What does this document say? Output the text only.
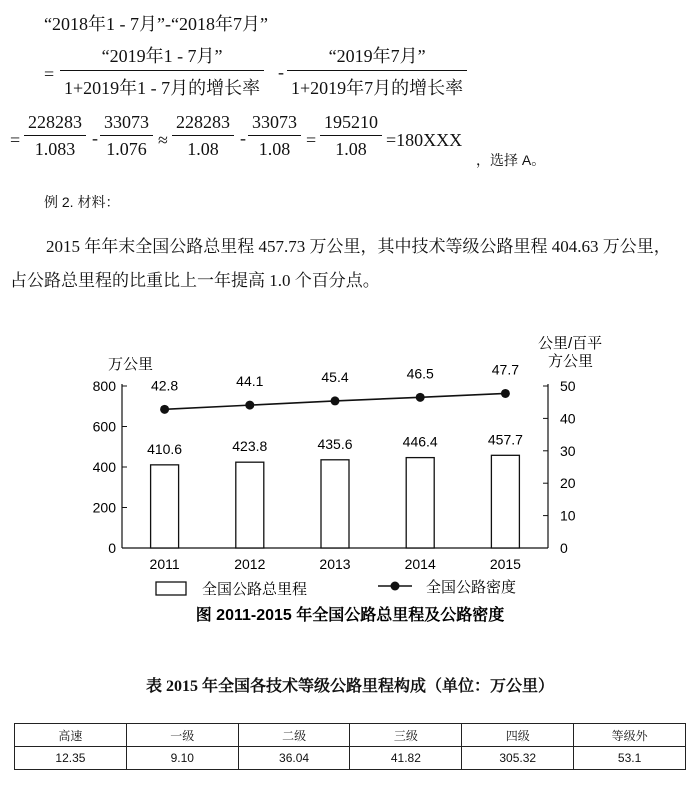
“2018年1 - 7月”-“2018年7月”
=
“2019年1 - 7月”
1+2019年1 - 7月的增长率
-
“2019年7月”
1+2019年7月的增长率
=
228283
1.083
-
33073
1.076 ≈
228283
1.08
-
33073
1.08 =
195210
1.08 =180XXX
，选择 A。
例 2. 材料：
2015 年年末全国公路总里程 457.73 万公里，其中技术等级公路里程 404.63 万公里，
占公路总里程的比重比上一年提高 1.0 个百分点。
0
200
400
600
800
0
10
20
30
40
50
万公里
公里/百平
方公里
410.6	423.8	435.6	446.4	457.7
42.8	44.1	45.4	46.5	47.7
2011	2012	2013	2014	2015
全国公路总里程	全国公路密度
图 2011-2015 年全国公路总里程及公路密度
表 2015 年全国各技术等级公路里程构成（单位：万公里）
高速	一级	二级	三级	四级	等级外
12.35	9.10	36.04	41.82	305.32	53.1
